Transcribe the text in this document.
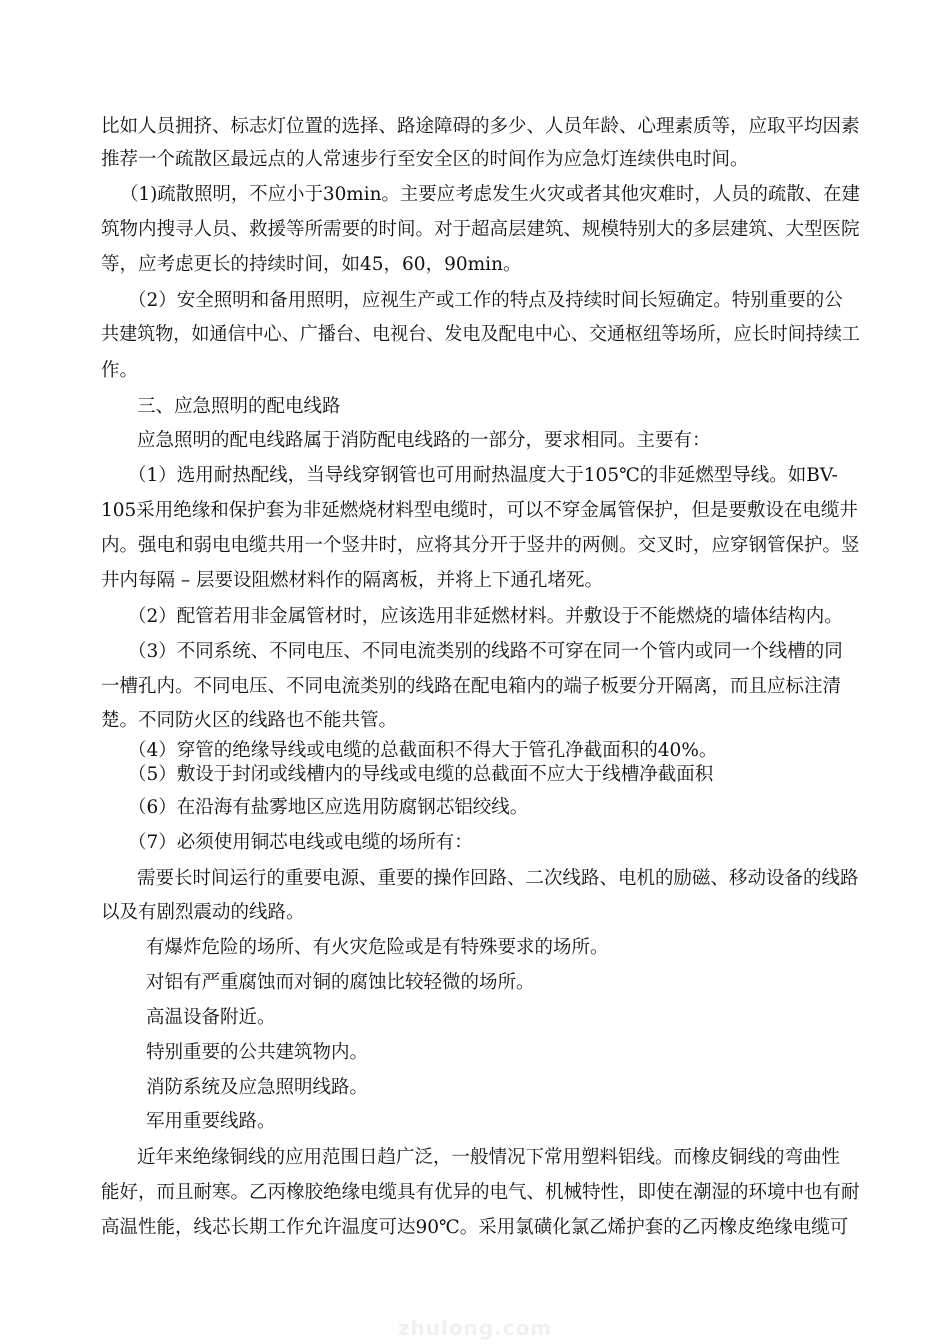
比如人员拥挤、标志灯位置的选择、路途障碍的多少、人员年龄、心理素质等，应取平均因素
推荐一个疏散区最远点的人常速步行至安全区的时间作为应急灯连续供电时间。
（1)疏散照明，不应小于30min。主要应考虑发生火灾或者其他灾难时，人员的疏散、在建
筑物内搜寻人员、救援等所需要的时间。对于超高层建筑、规模特别大的多层建筑、大型医院
等，应考虑更长的持续时间，如45，60，90min。
（2）安全照明和备用照明，应视生产或工作的特点及持续时间长短确定。特别重要的公
共建筑物，如通信中心、广播台、电视台、发电及配电中心、交通枢纽等场所，应长时间持续工
作。
三、应急照明的配电线路
应急照明的配电线路属于消防配电线路的一部分，要求相同。主要有：
（1）选用耐热配线，当导线穿钢管也可用耐热温度大于105℃的非延燃型导线。如BV-
105采用绝缘和保护套为非延燃烧材料型电缆时，可以不穿金属管保护，但是要敷设在电缆井
内。强电和弱电电缆共用一个竖井时，应将其分开于竖井的两侧。交叉时，应穿钢管保护。竖
井内每隔 – 层要设阻燃材料作的隔离板，并将上下通孔堵死。
（2）配管若用非金属管材时，应该选用非延燃材料。并敷设于不能燃烧的墙体结构内。
（3）不同系统、不同电压、不同电流类别的线路不可穿在同一个管内或同一个线槽的同
一槽孔内。不同电压、不同电流类别的线路在配电箱内的端子板要分开隔离，而且应标注清
楚。不同防火区的线路也不能共管。
（4）穿管的绝缘导线或电缆的总截面积不得大于管孔净截面积的40%。
（5）敷设于封闭或线槽内的导线或电缆的总截面不应大于线槽净截面积
（6）在沿海有盐雾地区应选用防腐钢芯铝绞线。
（7）必须使用铜芯电线或电缆的场所有：
需要长时间运行的重要电源、重要的操作回路、二次线路、电机的励磁、移动设备的线路
以及有剧烈震动的线路。
有爆炸危险的场所、有火灾危险或是有特殊要求的场所。
对铝有严重腐蚀而对铜的腐蚀比较轻微的场所。
高温设备附近。
特别重要的公共建筑物内。
消防系统及应急照明线路。
军用重要线路。
近年来绝缘铜线的应用范围日趋广泛，一般情况下常用塑料铝线。而橡皮铜线的弯曲性
能好，而且耐寒。乙丙橡胶绝缘电缆具有优异的电气、机械特性，即使在潮湿的环境中也有耐
高温性能，线芯长期工作允许温度可达90℃。采用氯磺化氯乙烯护套的乙丙橡皮绝缘电缆可
zhulong.com
